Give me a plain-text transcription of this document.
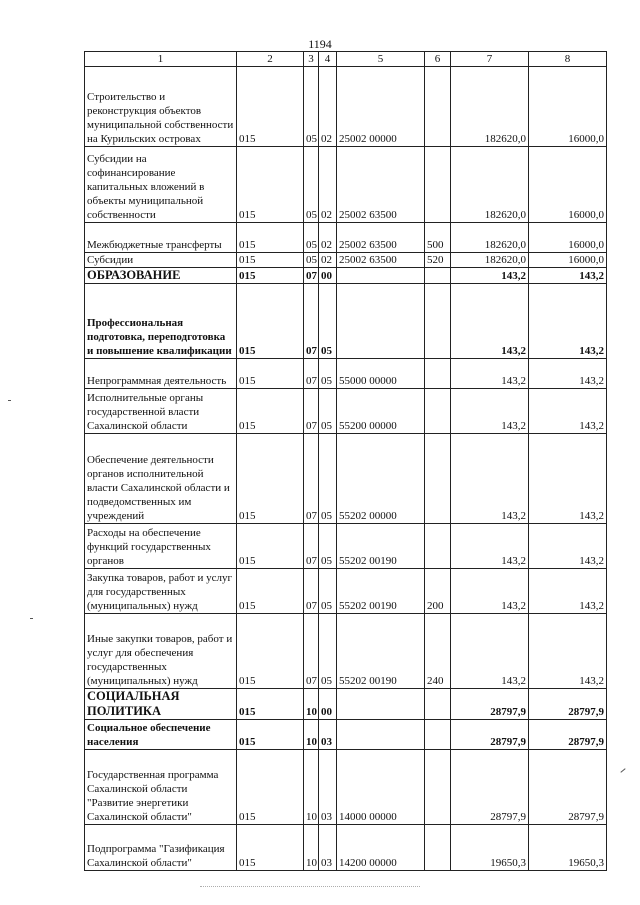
1194
1	2	3	4	5	6	7	8
Строительство и реконструкция объектов муниципальной собственности на Курильских островах	015	05	02	25002 00000		182620,0	16000,0
Субсидии на софинансирование капитальных вложений в объекты муниципальной собственности	015	05	02	25002 63500		182620,0	16000,0
Межбюджетные трансферты	015	05	02	25002 63500	500	182620,0	16000,0
Субсидии	015	05	02	25002 63500	520	182620,0	16000,0
ОБРАЗОВАНИЕ	015	07	00			143,2	143,2
Профессиональная подготовка, переподготовка и повышение квалификации	015	07	05			143,2	143,2
Непрограммная деятельность	015	07	05	55000 00000		143,2	143,2
Исполнительные органы государственной власти Сахалинской области	015	07	05	55200 00000		143,2	143,2
Обеспечение деятельности органов исполнительной власти Сахалинской области и подведомственных им учреждений	015	07	05	55202 00000		143,2	143,2
Расходы на обеспечение функций государственных органов	015	07	05	55202 00190		143,2	143,2
Закупка товаров, работ и услуг для государственных (муниципальных) нужд	015	07	05	55202 00190	200	143,2	143,2
Иные закупки товаров, работ и услуг для обеспечения государственных (муниципальных) нужд	015	07	05	55202 00190	240	143,2	143,2
СОЦИАЛЬНАЯ ПОЛИТИКА	015	10	00			28797,9	28797,9
Социальное обеспечение населения	015	10	03			28797,9	28797,9
Государственная программа Сахалинской области "Развитие энергетики Сахалинской области"	015	10	03	14000 00000		28797,9	28797,9
Подпрограмма "Газификация Сахалинской области"	015	10	03	14200 00000		19650,3	19650,3
